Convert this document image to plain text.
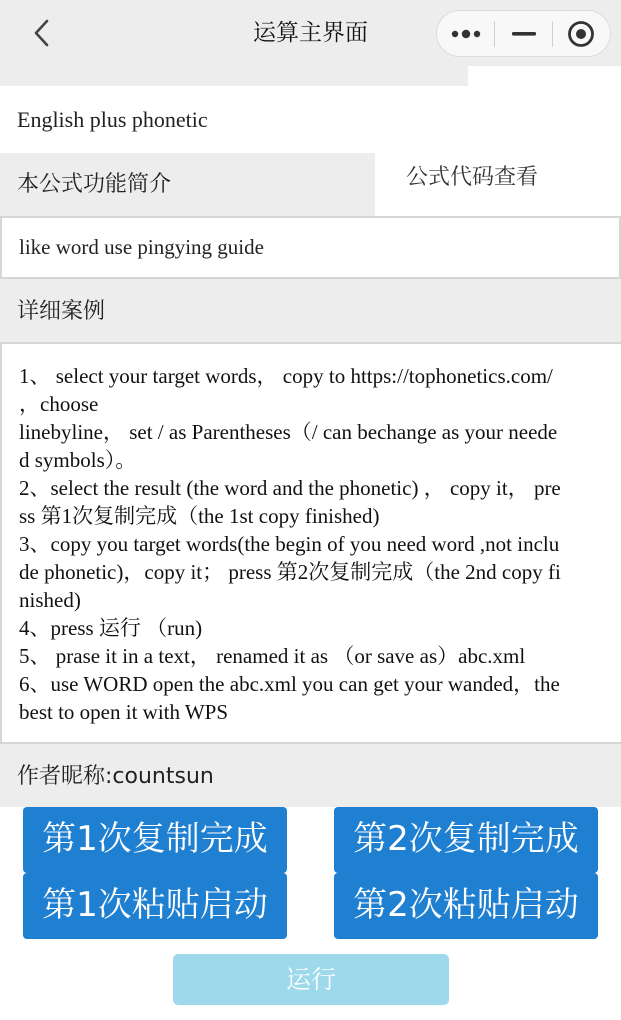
运算主界面
English plus phonetic
本公式功能简介	公式代码查看
like word use pingying guide
详细案例
1、 select your target words， copy to https://tophonetics.com/
，choose
linebyline， set / as Parentheses（/ can bechange as your neede
d symbols）。
2、select the result (the word and the phonetic) ， copy it， pre
ss 第1次复制完成（the 1st copy finished)
3、copy you target words(the begin of you need word ,not inclu
de phonetic)，copy it； press 第2次复制完成（the 2nd copy fi
nished)
4、press 运行 （run)
5、 prase it in a text， renamed it as （or save as）abc.xml
6、use WORD open the abc.xml you can get your wanded，the
best to open it with WPS
作者昵称:countsun
第1次复制完成	第2次复制完成
第1次粘贴启动	第2次粘贴启动
运行
